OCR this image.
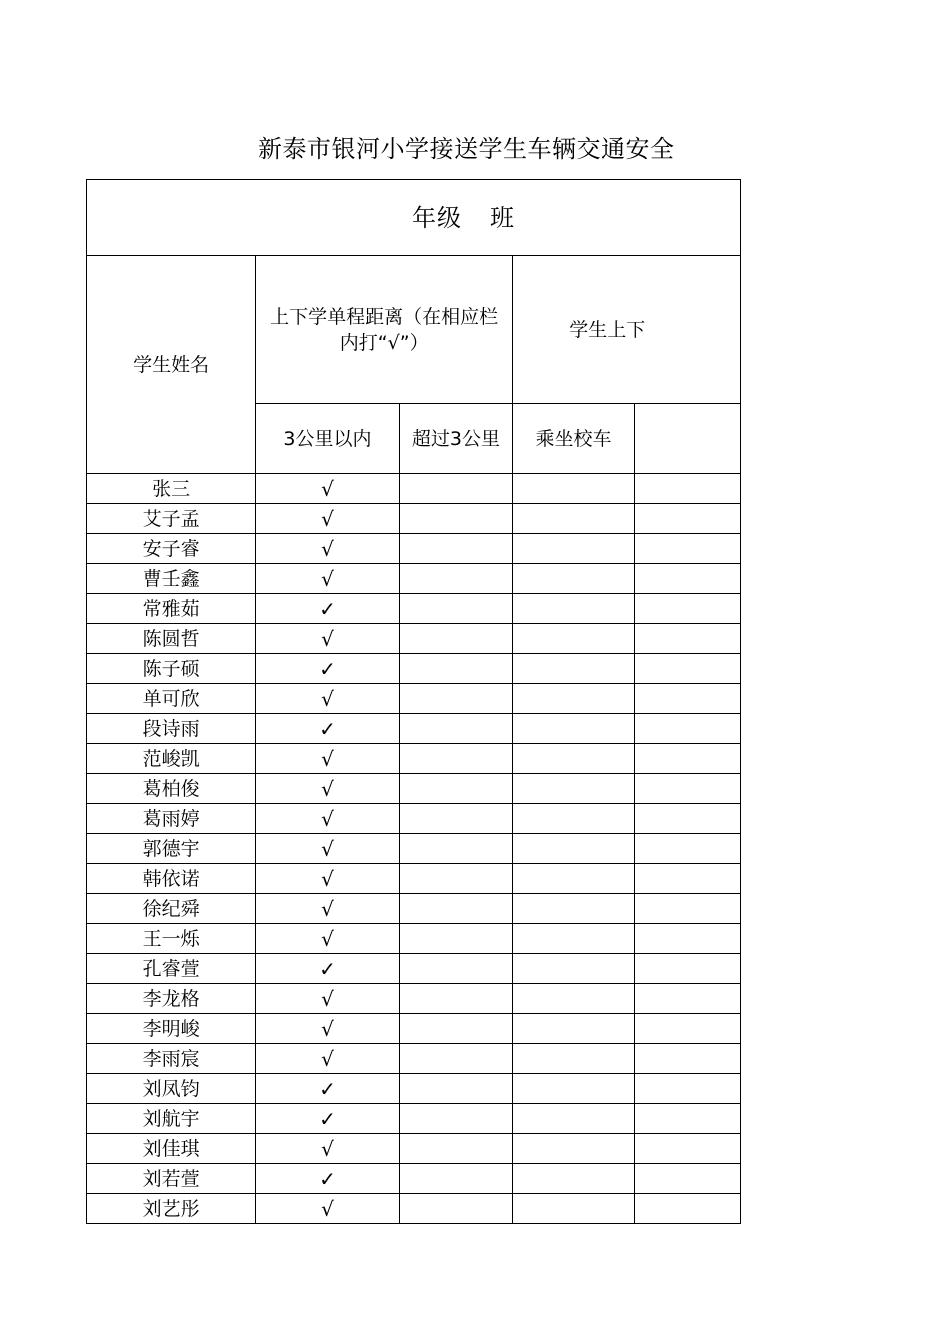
新泰市银河小学接送学生车辆交通安全
年级 班				
学生姓名	上下学单程距离（在相应栏内打“√”）		学生上下	
	3公里以内	超过3公里	乘坐校车	
张三	√			
艾子孟	√			
安子睿	√			
曹壬鑫	√			
常雅茹	✓			
陈圆哲	√			
陈子硕	✓			
单可欣	√			
段诗雨	✓			
范峻凯	√			
葛柏俊	√			
葛雨婷	√			
郭德宇	√			
韩依诺	√			
徐纪舜	√			
王一烁	√			
孔睿萱	✓			
李龙格	√			
李明峻	√			
李雨宸	√			
刘凤钧	✓			
刘航宇	✓			
刘佳琪	√			
刘若萱	✓			
刘艺彤	√			
